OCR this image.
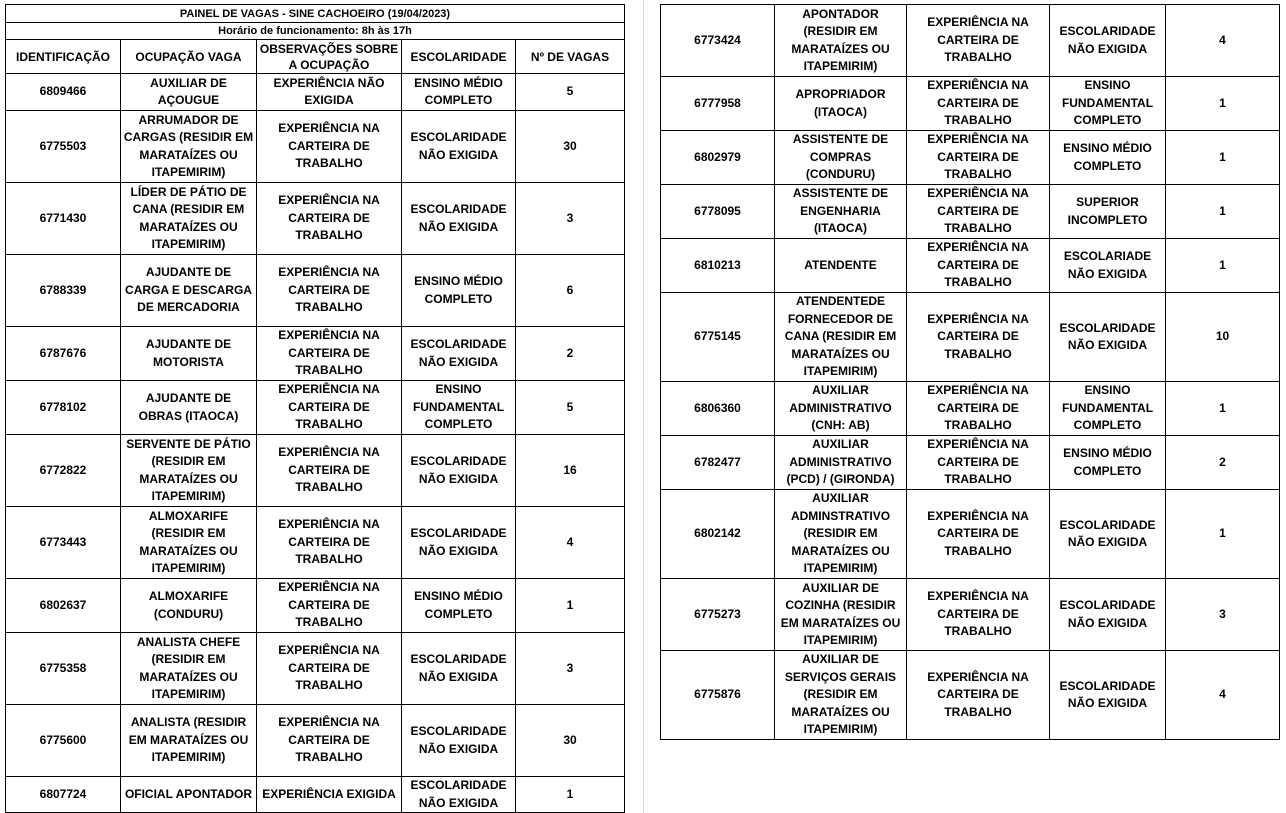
PAINEL DE VAGAS - SINE CACHOEIRO (19/04/2023)				
Horário de funcionamento: 8h às 17h				
IDENTIFICAÇÃO	OCUPAÇÃO VAGA	OBSERVAÇÕES SOBRE A OCUPAÇÃO	ESCOLARIDADE	Nº DE VAGAS
6809466	AUXILIAR DE AÇOUGUE	EXPERIÊNCIA NÃO EXIGIDA	ENSINO MÉDIO COMPLETO	5
6775503	ARRUMADOR DE CARGAS (RESIDIR EM MARATAÍZES OU ITAPEMIRIM)	EXPERIÊNCIA NA CARTEIRA DE TRABALHO	ESCOLARIDADE NÃO EXIGIDA	30
6771430	LÍDER DE PÁTIO DE CANA (RESIDIR EM MARATAÍZES OU ITAPEMIRIM)	EXPERIÊNCIA NA CARTEIRA DE TRABALHO	ESCOLARIDADE NÃO EXIGIDA	3
6788339	AJUDANTE DE CARGA E DESCARGA DE MERCADORIA	EXPERIÊNCIA NA CARTEIRA DE TRABALHO	ENSINO MÉDIO COMPLETO	6
6787676	AJUDANTE DE MOTORISTA	EXPERIÊNCIA NA CARTEIRA DE TRABALHO	ESCOLARIDADE NÃO EXIGIDA	2
6778102	AJUDANTE DE OBRAS (ITAOCA)	EXPERIÊNCIA NA CARTEIRA DE TRABALHO	ENSINO FUNDAMENTAL COMPLETO	5
6772822	SERVENTE DE PÁTIO (RESIDIR EM MARATAÍZES OU ITAPEMIRIM)	EXPERIÊNCIA NA CARTEIRA DE TRABALHO	ESCOLARIDADE NÃO EXIGIDA	16
6773443	ALMOXARIFE (RESIDIR EM MARATAÍZES OU ITAPEMIRIM)	EXPERIÊNCIA NA CARTEIRA DE TRABALHO	ESCOLARIDADE NÃO EXIGIDA	4
6802637	ALMOXARIFE (CONDURU)	EXPERIÊNCIA NA CARTEIRA DE TRABALHO	ENSINO MÉDIO COMPLETO	1
6775358	ANALISTA CHEFE (RESIDIR EM MARATAÍZES OU ITAPEMIRIM)	EXPERIÊNCIA NA CARTEIRA DE TRABALHO	ESCOLARIDADE NÃO EXIGIDA	3
6775600	ANALISTA (RESIDIR EM MARATAÍZES OU ITAPEMIRIM)	EXPERIÊNCIA NA CARTEIRA DE TRABALHO	ESCOLARIDADE NÃO EXIGIDA	30
6807724	OFICIAL APONTADOR	EXPERIÊNCIA EXIGIDA	ESCOLARIDADE NÃO EXIGIDA	1
6773424	APONTADOR (RESIDIR EM MARATAÍZES OU ITAPEMIRIM)	EXPERIÊNCIA NA CARTEIRA DE TRABALHO	ESCOLARIDADE NÃO EXIGIDA	4
6777958	APROPRIADOR (ITAOCA)	EXPERIÊNCIA NA CARTEIRA DE TRABALHO	ENSINO FUNDAMENTAL COMPLETO	1
6802979	ASSISTENTE DE COMPRAS (CONDURU)	EXPERIÊNCIA NA CARTEIRA DE TRABALHO	ENSINO MÉDIO COMPLETO	1
6778095	ASSISTENTE DE ENGENHARIA (ITAOCA)	EXPERIÊNCIA NA CARTEIRA DE TRABALHO	SUPERIOR INCOMPLETO	1
6810213	ATENDENTE	EXPERIÊNCIA NA CARTEIRA DE TRABALHO	ESCOLARIADE NÃO EXIGIDA	1
6775145	ATENDENTEDE FORNECEDOR DE CANA (RESIDIR EM MARATAÍZES OU ITAPEMIRIM)	EXPERIÊNCIA NA CARTEIRA DE TRABALHO	ESCOLARIDADE NÃO EXIGIDA	10
6806360	AUXILIAR ADMINISTRATIVO (CNH: AB)	EXPERIÊNCIA NA CARTEIRA DE TRABALHO	ENSINO FUNDAMENTAL COMPLETO	1
6782477	AUXILIAR ADMINISTRATIVO (PCD) / (GIRONDA)	EXPERIÊNCIA NA CARTEIRA DE TRABALHO	ENSINO MÉDIO COMPLETO	2
6802142	AUXILIAR ADMINSTRATIVO (RESIDIR EM MARATAÍZES OU ITAPEMIRIM)	EXPERIÊNCIA NA CARTEIRA DE TRABALHO	ESCOLARIDADE NÃO EXIGIDA	1
6775273	AUXILIAR DE COZINHA (RESIDIR EM MARATAÍZES OU ITAPEMIRIM)	EXPERIÊNCIA NA CARTEIRA DE TRABALHO	ESCOLARIDADE NÃO EXIGIDA	3
6775876	AUXILIAR DE SERVIÇOS GERAIS (RESIDIR EM MARATAÍZES OU ITAPEMIRIM)	EXPERIÊNCIA NA CARTEIRA DE TRABALHO	ESCOLARIDADE NÃO EXIGIDA	4
